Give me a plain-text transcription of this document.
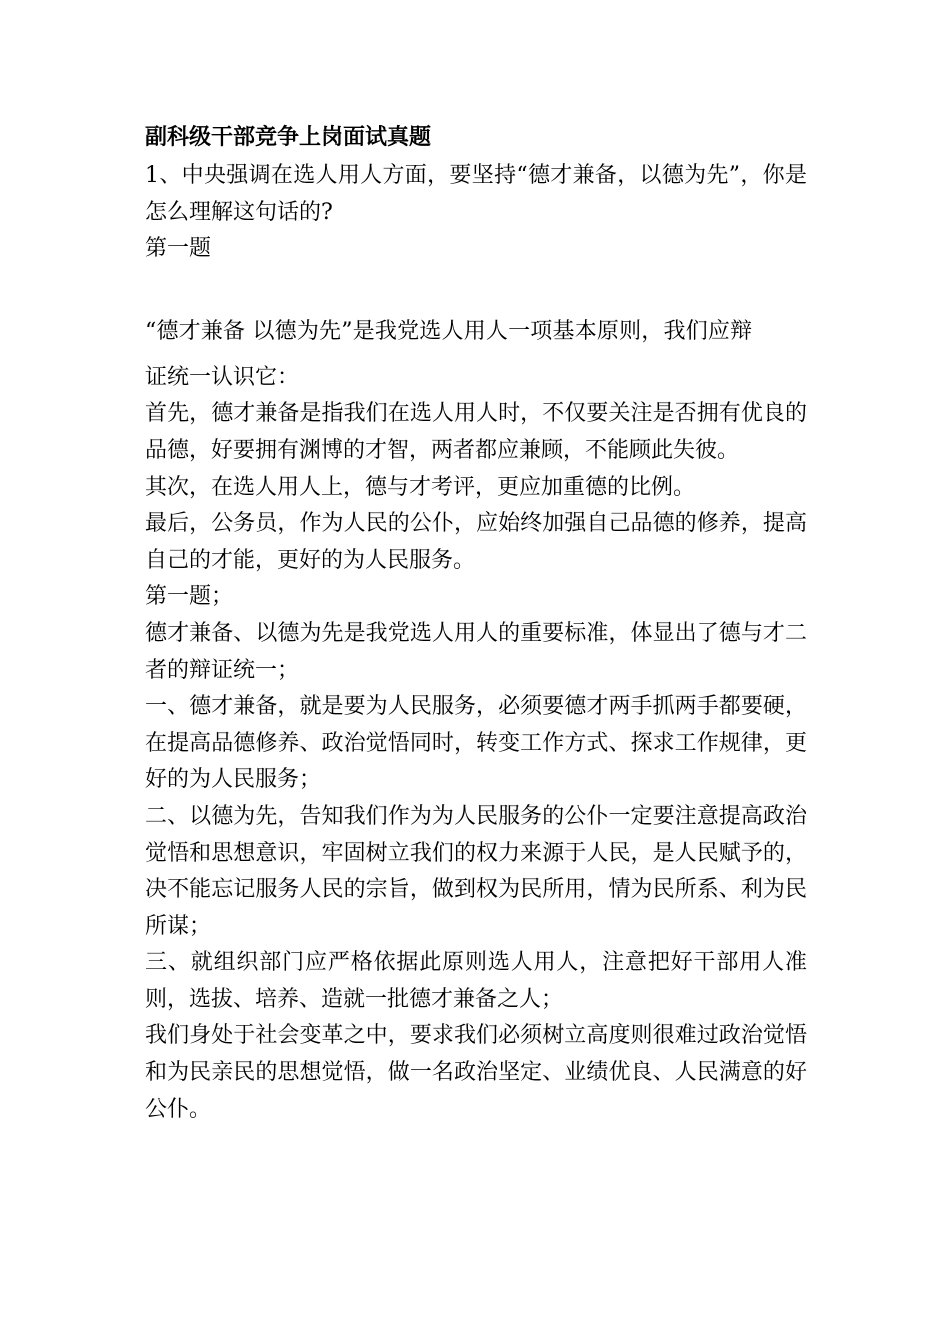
副科级干部竞争上岗面试真题

1、中央强调在选人用人方面，要坚持“德才兼备，以德为先”，你是怎么理解这句话的?

第一题

“德才兼备 以德为先”是我党选人用人一项基本原则，我们应辩

证统一认识它：

首先，德才兼备是指我们在选人用人时，不仅要关注是否拥有优良的品德，好要拥有渊博的才智，两者都应兼顾，不能顾此失彼。

其次，在选人用人上，德与才考评，更应加重德的比例。

最后，公务员，作为人民的公仆，应始终加强自己品德的修养，提高自己的才能，更好的为人民服务。

第一题；

德才兼备、以德为先是我党选人用人的重要标准，体显出了德与才二者的辩证统一；

一、德才兼备，就是要为人民服务，必须要德才两手抓两手都要硬，在提高品德修养、政治觉悟同时，转变工作方式、探求工作规律，更好的为人民服务；

二、以德为先，告知我们作为为人民服务的公仆一定要注意提高政治觉悟和思想意识，牢固树立我们的权力来源于人民，是人民赋予的，决不能忘记服务人民的宗旨，做到权为民所用，情为民所系、利为民所谋；

三、就组织部门应严格依据此原则选人用人，注意把好干部用人准则，选拔、培养、造就一批德才兼备之人；

我们身处于社会变革之中，要求我们必须树立高度则很难过政治觉悟和为民亲民的思想觉悟，做一名政治坚定、业绩优良、人民满意的好公仆。
